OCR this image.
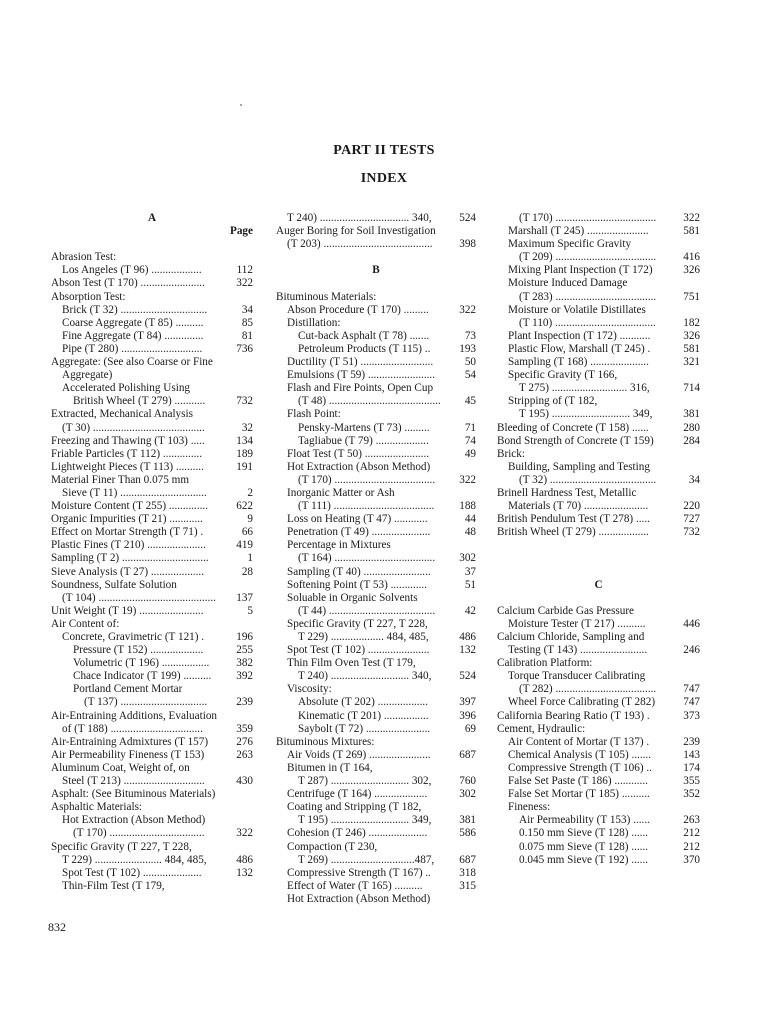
PART II TESTS
INDEX
A
Page
Abrasion Test:
Los Angeles (T 96) ..................	112
Abson Test (T 170) .......................	322
Absorption Test:
Brick (T 32) ...............................	34
Coarse Aggregate (T 85) ..........	85
Fine Aggregate (T 84) ..............	81
Pipe (T 280) .............................	736
Aggregate: (See also Coarse or Fine
Aggregate)
Accelerated Polishing Using
British Wheel (T 279) ...........	732
Extracted, Mechanical Analysis
(T 30) ........................................	32
Freezing and Thawing (T 103) .....	134
Friable Particles (T 112) ..............	189
Lightweight Pieces (T 113) ..........	191
Material Finer Than 0.075 mm
Sieve (T 11) ...............................	2
Moisture Content (T 255) ..............	622
Organic Impurities (T 21) ............	9
Effect on Mortar Strength (T 71) .	66
Plastic Fines (T 210) .....................	419
Sampling (T 2) ...............................	1
Sieve Analysis (T 27) ...................	28
Soundness, Sulfate Solution
(T 104) .......................................... 137
Unit Weight (T 19) .......................	5
Air Content of:
Concrete, Gravimetric (T 121) .	196
Pressure (T 152) ...................	255
Volumetric (T 196) ................. 382
Chace Indicator (T 199) .......... 392
Portland Cement Mortar
(T 137) ...............................	239
Air-Entraining Additions, Evaluation
of (T 188) .................................	359
Air-Entraining Admixtures (T 157)	276
Air Permeability Fineness (T 153)	263
Aluminum Coat, Weight of, on
Steel (T 213) .............................	430
Asphalt: (See Bituminous Materials)
Asphaltic Materials:
Hot Extraction (Abson Method)
(T 170) ..................................	322
Specific Gravity (T 227, T 228,
T 229) ........................ 484, 485,	486
Spot Test (T 102) .....................	132
Thin-Film Test (T 179,
T 240) ................................ 340, 524
Auger Boring for Soil Investigation
(T 203) ....................................... 398
B
Bituminous Materials:
Abson Procedure (T 170) .........	322
Distillation:
Cut-back Asphalt (T 78) .......	73
Petroleum Products (T 115) ..	193
Ductility (T 51) ..........................	50
Emulsions (T 59) ........................	54
Flash and Fire Points, Open Cup
(T 48) ........................................ 45
Flash Point:
Pensky-Martens (T 73) .........	71
Tagliabue (T 79) ...................	74
Float Test (T 50) .......................	49
Hot Extraction (Abson Method)
(T 170) .................................... 322
Inorganic Matter or Ash
(T 111) .................................... 188
Loss on Heating (T 47) ............	44
Penetration (T 49) .....................	48
Percentage in Mixtures
(T 164) .................................... 302
Sampling (T 40) ........................	37
Softening Point (T 53) .............	51
Soluable in Organic Solvents
(T 44) ......................................	42
Specific Gravity (T 227, T 228,
T 229) ................... 484, 485,	486
Spot Test (T 102) ......................	132
Thin Film Oven Test (T 179,
T 240) ............................ 340, 524
Viscosity:
Absolute (T 202) ..................	397
Kinematic (T 201) ................	396
Saybolt (T 72) .......................	69
Bituminous Mixtures:
Air Voids (T 269) ......................	687
Bitumen in (T 164,
T 287) ............................ 302, 760
Centrifuge (T 164) ...................	302
Coating and Stripping (T 182,
T 195) ............................ 349, 381
Cohesion (T 246) .....................	586
Compaction (T 230,
T 269) ..............................487, 687
Compressive Strength (T 167) ..	318
Effect of Water (T 165) ..........	315
Hot Extraction (Abson Method)
(T 170) .................................... 322
Marshall (T 245) ......................	581
Maximum Specific Gravity
(T 209) .................................... 416
Mixing Plant Inspection (T 172)	326
Moisture Induced Damage
(T 283) .................................... 751
Moisture or Volatile Distillates
(T 110) .................................... 182
Plant Inspection (T 172) ...........	326
Plastic Flow, Marshall (T 245) .	581
Sampling (T 168) .....................	321
Specific Gravity (T 166,
T 275) ........................... 316,	714
Stripping of (T 182,
T 195) ............................ 349,	381
Bleeding of Concrete (T 158) ......	280
Bond Strength of Concrete (T 159)	284
Brick:
Building, Sampling and Testing
(T 32) ......................................	34
Brinell Hardness Test, Metallic
Materials (T 70) .......................	220
British Pendulum Test (T 278) .....	727
British Wheel (T 279) ..................	732
C
Calcium Carbide Gas Pressure
Moisture Tester (T 217) ..........	446
Calcium Chloride, Sampling and
Testing (T 143) ........................	246
Calibration Platform:
Torque Transducer Calibrating
(T 282) .................................... 747
Wheel Force Calibrating (T 282)	747
California Bearing Ratio (T 193) .	373
Cement, Hydraulic:
Air Content of Mortar (T 137) .	239
Chemical Analysis (T 105) .......	143
Compressive Strength (T 106) ..	174
False Set Paste (T 186) ............	355
False Set Mortar (T 185) ..........	352
Fineness:
Air Permeability (T 153) ......	263
0.150 mm Sieve (T 128) ......	212
0.075 mm Sieve (T 128) ......	212
0.045 mm Sieve (T 192) ......	370
832
